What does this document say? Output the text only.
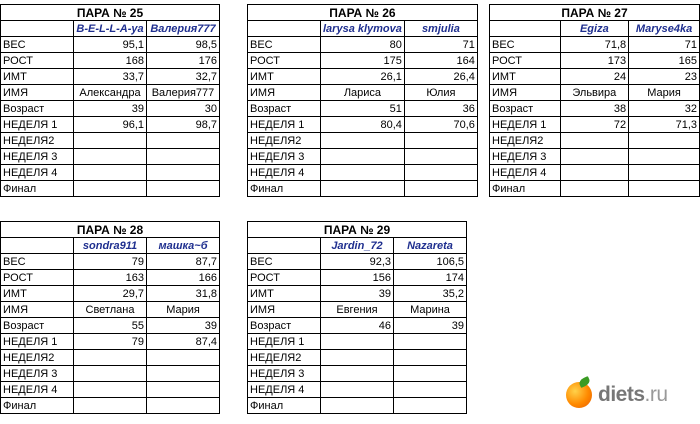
ПАРА № 25		
	B-E-L-L-A-уа	Валерия777
ВЕС	95,1	98,5
РОСТ	168	176
ИМТ	33,7	32,7
ИМЯ	Александра	Валерия777
Возраст	39	30
НЕДЕЛЯ 1	96,1	98,7
НЕДЕЛЯ2		
НЕДЕЛЯ 3		
НЕДЕЛЯ 4		
Финал		
ПАРА № 26		
	larysa klymova	smjulia
ВЕС	80	71
РОСТ	175	164
ИМТ	26,1	26,4
ИМЯ	Лариса	Юлия
Возраст	51	36
НЕДЕЛЯ 1	80,4	70,6
НЕДЕЛЯ2		
НЕДЕЛЯ 3		
НЕДЕЛЯ 4		
Финал		
ПАРА № 27		
	Egiza	Maryse4ka
ВЕС	71,8	71
РОСТ	173	165
ИМТ	24	23
ИМЯ	Эльвира	Мария
Возраст	38	32
НЕДЕЛЯ 1	72	71,3
НЕДЕЛЯ2		
НЕДЕЛЯ 3		
НЕДЕЛЯ 4		
Финал		
ПАРА № 28		
	sondra911	машка~б
ВЕС	79	87,7
РОСТ	163	166
ИМТ	29,7	31,8
ИМЯ	Светлана	Мария
Возраст	55	39
НЕДЕЛЯ 1	79	87,4
НЕДЕЛЯ2		
НЕДЕЛЯ 3		
НЕДЕЛЯ 4		
Финал		
ПАРА № 29		
	Jardin_72	Nazareta
ВЕС	92,3	106,5
РОСТ	156	174
ИМТ	39	35,2
ИМЯ	Евгения	Марина
Возраст	46	39
НЕДЕЛЯ 1		
НЕДЕЛЯ2		
НЕДЕЛЯ 3		
НЕДЕЛЯ 4		
Финал			diets.ru
